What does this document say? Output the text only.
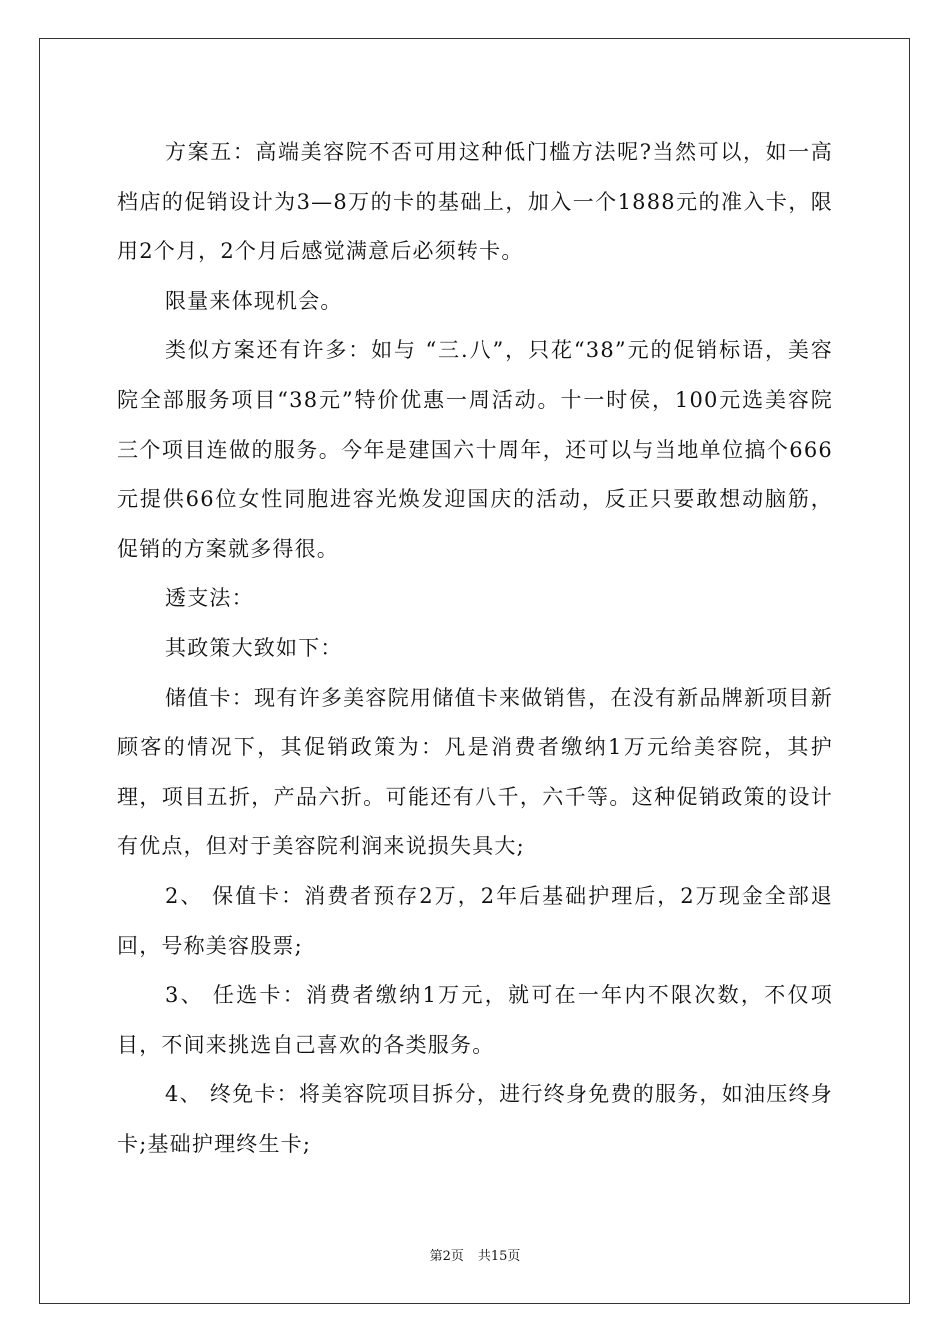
方案五：高端美容院不否可用这种低门槛方法呢?当然可以，如一高档店的促销设计为3—8万的卡的基础上，加入一个1888元的准入卡，限用2个月，2个月后感觉满意后必须转卡。

限量来体现机会。

类似方案还有许多：如与 “三.八”，只花“38”元的促销标语，美容院全部服务项目“38元”特价优惠一周活动。十一时侯，100元选美容院三个项目连做的服务。今年是建国六十周年，还可以与当地单位搞个666元提供66位女性同胞进容光焕发迎国庆的活动，反正只要敢想动脑筋，促销的方案就多得很。

透支法：

其政策大致如下：

储值卡：现有许多美容院用储值卡来做销售，在没有新品牌新项目新顾客的情况下，其促销政策为：凡是消费者缴纳1万元给美容院，其护理，项目五折，产品六折。可能还有八千，六千等。这种促销政策的设计有优点，但对于美容院利润来说损失具大;

2、 保值卡：消费者预存2万，2年后基础护理后，2万现金全部退回，号称美容股票;

3、 任选卡：消费者缴纳1万元，就可在一年内不限次数，不仅项目，不间来挑选自己喜欢的各类服务。

4、 终免卡：将美容院项目拆分，进行终身免费的服务，如油压终身卡;基础护理终生卡;

第2页 共15页
